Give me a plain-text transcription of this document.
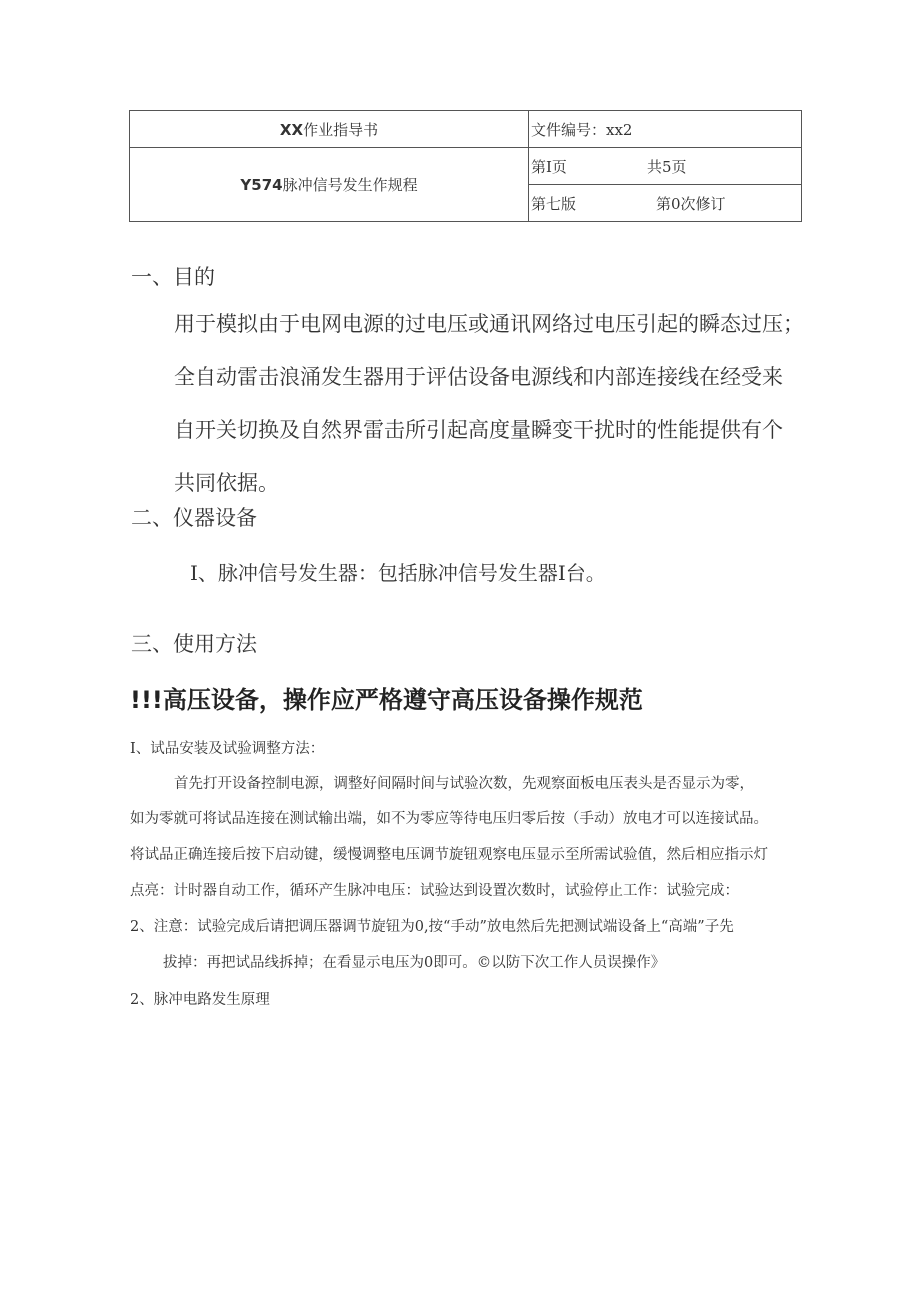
XX作业指导书	文件编号：xx2
Y574脉冲信号发生作规程	第I页 共5页
	第七版 第0次修订
一、目的
用于模拟由于电网电源的过电压或通讯网络过电压引起的瞬态过压；
全自动雷击浪涌发生器用于评估设备电源线和内部连接线在经受来
自开关切换及自然界雷击所引起高度量瞬变干扰时的性能提供有个
共同依据。
二、仪器设备
I、脉冲信号发生器：包括脉冲信号发生器I台。
三、使用方法
!!!高压设备，操作应严格遵守高压设备操作规范
I、试品安装及试验调整方法：
首先打开设备控制电源，调整好间隔时间与试验次数，先观察面板电压表头是否显示为零，
如为零就可将试品连接在测试输出端，如不为零应等待电压归零后按（手动）放电才可以连接试品。
将试品正确连接后按下启动键，缓慢调整电压调节旋钮观察电压显示至所需试验值，然后相应指示灯
点亮：计时器自动工作，循环产生脉冲电压：试验达到设置次数时，试验停止工作：试验完成：
2、注意：试验完成后请把调压器调节旋钮为0,按“手动”放电然后先把测试端设备上“高端”子先
拔掉：再把试品线拆掉；在看显示电压为0即可。©以防下次工作人员误操作》
2、脉冲电路发生原理
